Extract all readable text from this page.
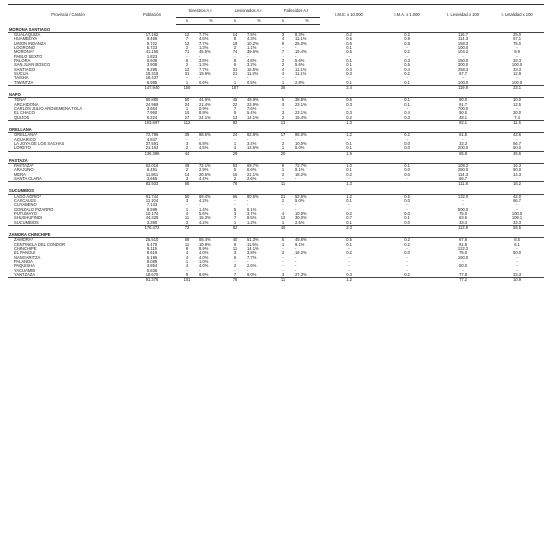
Provincia / Cantón	Población	Sinestros A.I		Lesionados A.I		Fallecidos A.I		I.M.E. x 10.000	I.M.A. x 1.000	I. Lesividad x 100	I. Letalidad x 100
		n	%	n	%	n	%				
MORONA SANTIAGO											
GUALAQUIZA	17.162	12	7.7%	14	7.5%	3	8.3%	0.2	0.2	116.7	25.0
HUAMBOYA	8.466	7	4.5%	8	4.3%	4	11.1%	0.5	0.8	114.3	57.1
LIMÓN INDANZA	9.722	12	7.7%	19	10.2%	9	25.0%	0.6	0.9	158.3	75.0
LOGROÑO	5.723	2	1.3%	2	1.1%	-	-	0.1	-	100.0	-
MORONA*	41.155	71	45.5%	74	39.6%	7	19.4%	0.5	0.2	104.2	9.9
PABLO SEXTO	1.823	-	-	-	-	-	-	-	-	-	-
PALORA	6.936	6	3.8%	9	4.8%	2	5.6%	0.1	0.3	150.0	33.3
SAN JUAN BOSCO	3.908	2	1.3%	6	3.2%	2	5.6%	0.1	0.5	300.0	100.0
SANTIAGO	9.295	12	7.7%	31	16.6%	4	11.1%	0.3	0.4	258.3	33.3
SUCÚA	18.318	31	19.9%	21	11.2%	4	11.1%	0.3	0.2	67.7	12.9
TAISHA	18.437	-	-	-	-	-	-	-	-	-	-
TIWINTZA	6.995	1	0.6%	1	0.5%	1	2.8%	0.1	0.1	100.0	100.0
	147.940	156		187		36		2.4		119.9	23.1
NAPO											
TENA*	60.880	50	44.6%	45	48.9%	5	38.5%	0.5	0.1	90.0	10.0
ARCHIDONA	24.969	24	21.4%	22	23.9%	3	23.1%	0.3	0.1	91.7	12.5
CARLOS JULIO AROSEMENA TOLA	3.664	1	0.9%	7	7.6%	-	-	-	-	700.0	-
EL CHACO	7.960	10	8.9%	5	5.4%	3	23.1%	0.3	0.4	50.0	30.0
QUIJOS	6.224	27	24.1%	13	14.1%	2	15.4%	0.2	0.3	48.1	7.4
	103.697	112		92		13		1.3		82.1	11.6
ORELLANA											
ORELLANA*	72.795	39	88.6%	24	82.8%	17	85.0%	1.2	0.2	61.5	43.6
AGUARICO	4.847	-	-	-	-	-	-	-	-	-	-
LA JOYA DE LOS SACHAS	37.591	3	6.8%	1	3.4%	2	10.0%	0.1	0.0	33.3	66.7
LORETO	21.163	2	4.5%	4	13.8%	1	5.0%	0.1	0.0	200.0	50.0
	136.396	44		29		20		1.5		65.9	45.5
PASTAZA											
PASTAZA*	62.016	49	72.1%	53	69.7%	8	72.7%	1.0	0.1	108.2	16.3
ARAJUNO	6.491	2	2.9%	5	6.6%	1	9.1%	0.1	0.0	250.0	50.0
MERA	11.861	14	20.6%	16	21.1%	2	18.2%	0.2	0.0	114.3	14.3
SANTA CLARA	3.665	3	4.4%	2	2.6%	-	-	-	-	66.7	-
	83.933	68		76		11		1.3		111.8	16.2
SUCUMBIOS											
LAGO AGRIO*	91.744	50	69.4%	66	80.5%	21	52.5%	1.2	0.5	132.0	42.0
CASCALES	11.104	3	4.2%	-	-	2	5.0%	0.1	0.0	-	66.7
CUYABENO	7.133	-	-	-	-	-	-	-	-	-	-
GONZALO PIZARRO	8.599	1	1.4%	5	6.1%	-	-	-	-	500.0	-
PUTUMAYO	10.174	4	5.6%	3	3.7%	4	10.0%	0.2	0.0	75.0	100.0
SHUSHUFINDI	44.328	11	15.3%	7	8.5%	12	30.0%	0.7	0.1	63.6	109.1
SUCUMBIOS	3.390	3	4.2%	1	1.2%	1	2.5%	0.1	0.0	33.3	33.3
	176.472	72		82		40		2.3		113.9	55.6
ZAMORA CHINCHIPE											
ZAMORA*	25.510	59	58.4%	40	51.3%	5	45.5%	0.5	0.2	67.8	8.5
CENTINELA DEL CONDOR	6.479	11	10.9%	9	11.5%	1	9.1%	0.1	0.2	81.8	9.1
CHINCHIPE	9.119	9	8.9%	11	14.1%	-	-	-	-	122.2	-
EL PANGUI	8.619	4	4.0%	3	3.8%	2	18.2%	0.2	0.0	75.0	50.0
NANGARITZA	5.196	4	4.0%	6	7.7%	-	-	-	-	150.0	-
PALANDA	8.089	1	1.0%	-	-	-	-	-	-	-	-
PAQUISHA	3.854	4	4.0%	2	2.6%	-	-	-	-	50.0	-
YACUAMBI	5.835	-	-	-	-	-	-	-	-	-	-
YANTZAZA	18.675	9	8.9%	7	9.0%	3	27.3%	0.3	0.2	77.8	33.3
	91.376	101		78		11		1.2		77.2	10.9
